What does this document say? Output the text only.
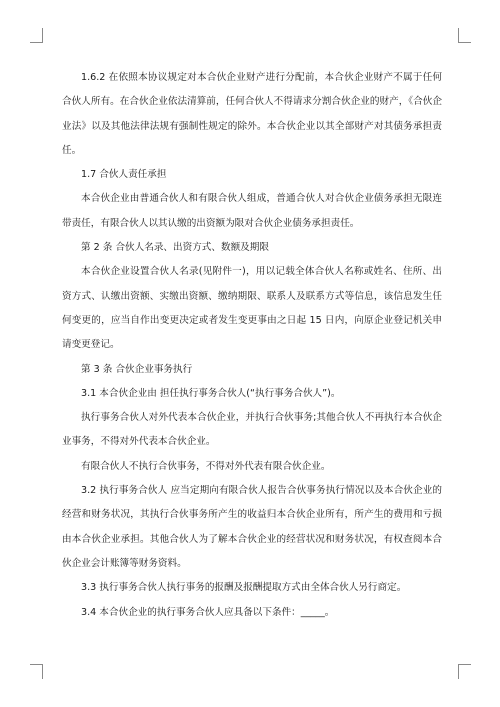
1.6.2 在依照本协议规定对本合伙企业财产进行分配前，本合伙企业财产不属于任何合伙人所有。在合伙企业依法清算前，任何合伙人不得请求分割合伙企业的财产，《合伙企业法》以及其他法律法规有强制性规定的除外。本合伙企业以其全部财产对其债务承担责任。

1.7 合伙人责任承担

本合伙企业由普通合伙人和有限合伙人组成，普通合伙人对合伙企业债务承担无限连带责任，有限合伙人以其认缴的出资额为限对合伙企业债务承担责任。

第 2 条 合伙人名录、出资方式、数额及期限

本合伙企业设置合伙人名录(见附件一)，用以记载全体合伙人名称或姓名、住所、出资方式、认缴出资额、实缴出资额、缴纳期限、联系人及联系方式等信息，该信息发生任何变更的，应当自作出变更决定或者发生变更事由之日起 15 日内，向原企业登记机关申请变更登记。

第 3 条 合伙企业事务执行

3.1 本合伙企业由 担任执行事务合伙人(“执行事务合伙人”)。

执行事务合伙人对外代表本合伙企业，并执行合伙事务;其他合伙人不再执行本合伙企业事务，不得对外代表本合伙企业。

有限合伙人不执行合伙事务，不得对外代表有限合伙企业。

3.2 执行事务合伙人 应当定期向有限合伙人报告合伙事务执行情况以及本合伙企业的经营和财务状况，其执行合伙事务所产生的收益归本合伙企业所有，所产生的费用和亏损由本合伙企业承担。其他合伙人为了解本合伙企业的经营状况和财务状况，有权查阅本合伙企业会计账簿等财务资料。

3.3 执行事务合伙人执行事务的报酬及报酬提取方式由全体合伙人另行商定。

3.4 本合伙企业的执行事务合伙人应具备以下条件：_____。
